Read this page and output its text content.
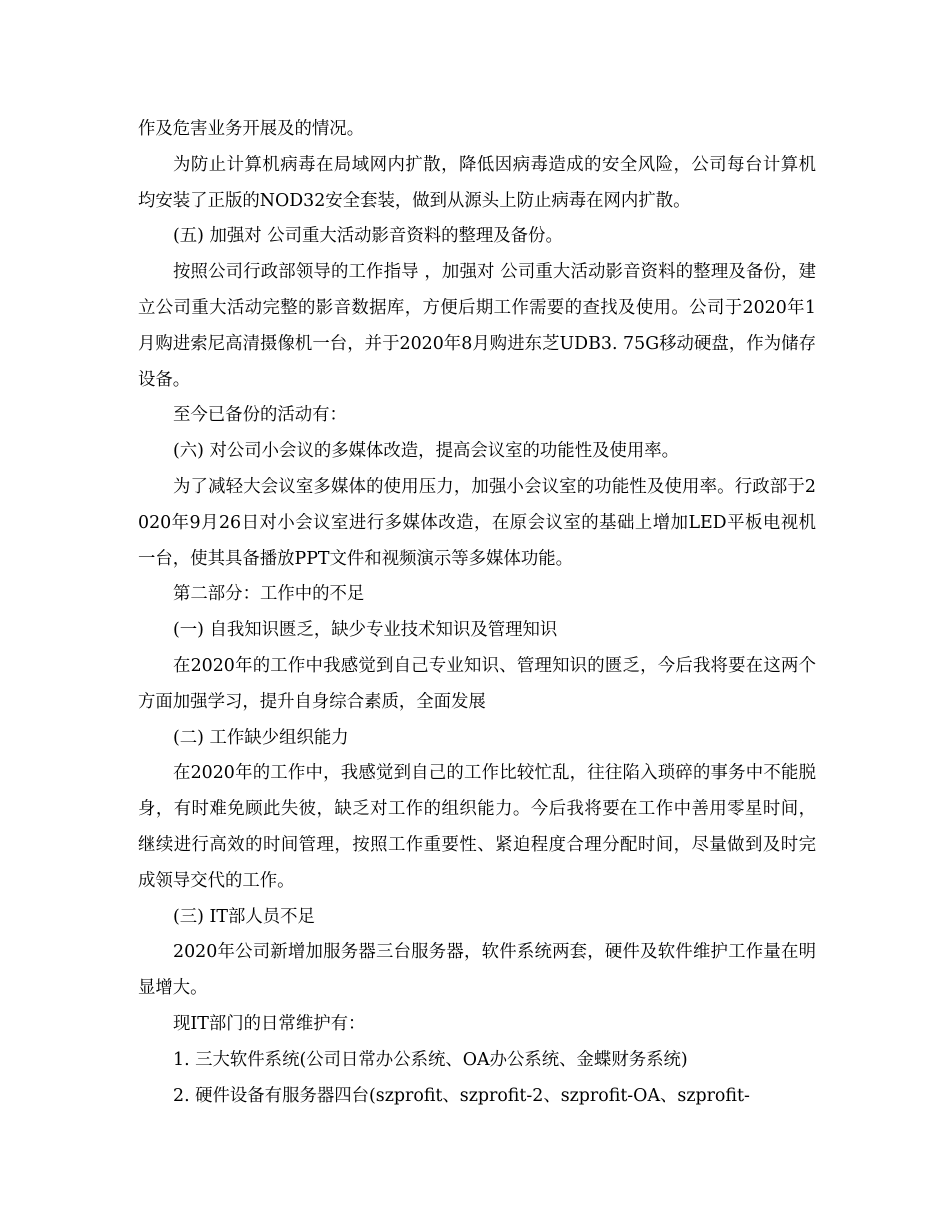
作及危害业务开展及的情况。

为防止计算机病毒在局域网内扩散，降低因病毒造成的安全风险，公司每台计算机均安装了正版的NOD32安全套装，做到从源头上防止病毒在网内扩散。

(五) 加强对 公司重大活动影音资料的整理及备份。

按照公司行政部领导的工作指导 ，加强对 公司重大活动影音资料的整理及备份，建立公司重大活动完整的影音数据库，方便后期工作需要的查找及使用。公司于2020年1月购进索尼高清摄像机一台，并于2020年8月购进东芝UDB3. 75G移动硬盘，作为储存设备。

至今已备份的活动有：

(六) 对公司小会议的多媒体改造，提高会议室的功能性及使用率。

为了减轻大会议室多媒体的使用压力，加强小会议室的功能性及使用率。行政部于2020年9月26日对小会议室进行多媒体改造，在原会议室的基础上增加LED平板电视机一台，使其具备播放PPT文件和视频演示等多媒体功能。

第二部分：工作中的不足

(一) 自我知识匮乏，缺少专业技术知识及管理知识

在2020年的工作中我感觉到自己专业知识、管理知识的匮乏，今后我将要在这两个方面加强学习，提升自身综合素质，全面发展

(二) 工作缺少组织能力

在2020年的工作中，我感觉到自己的工作比较忙乱，往往陷入琐碎的事务中不能脱身，有时难免顾此失彼，缺乏对工作的组织能力。今后我将要在工作中善用零星时间，继续进行高效的时间管理，按照工作重要性、紧迫程度合理分配时间，尽量做到及时完成领导交代的工作。

(三) IT部人员不足

2020年公司新增加服务器三台服务器，软件系统两套，硬件及软件维护工作量在明显增大。

现IT部门的日常维护有：

1. 三大软件系统(公司日常办公系统、OA办公系统、金蝶财务系统)

2. 硬件设备有服务器四台(szprofit、szprofit-2、szprofit-OA、szprofit-
